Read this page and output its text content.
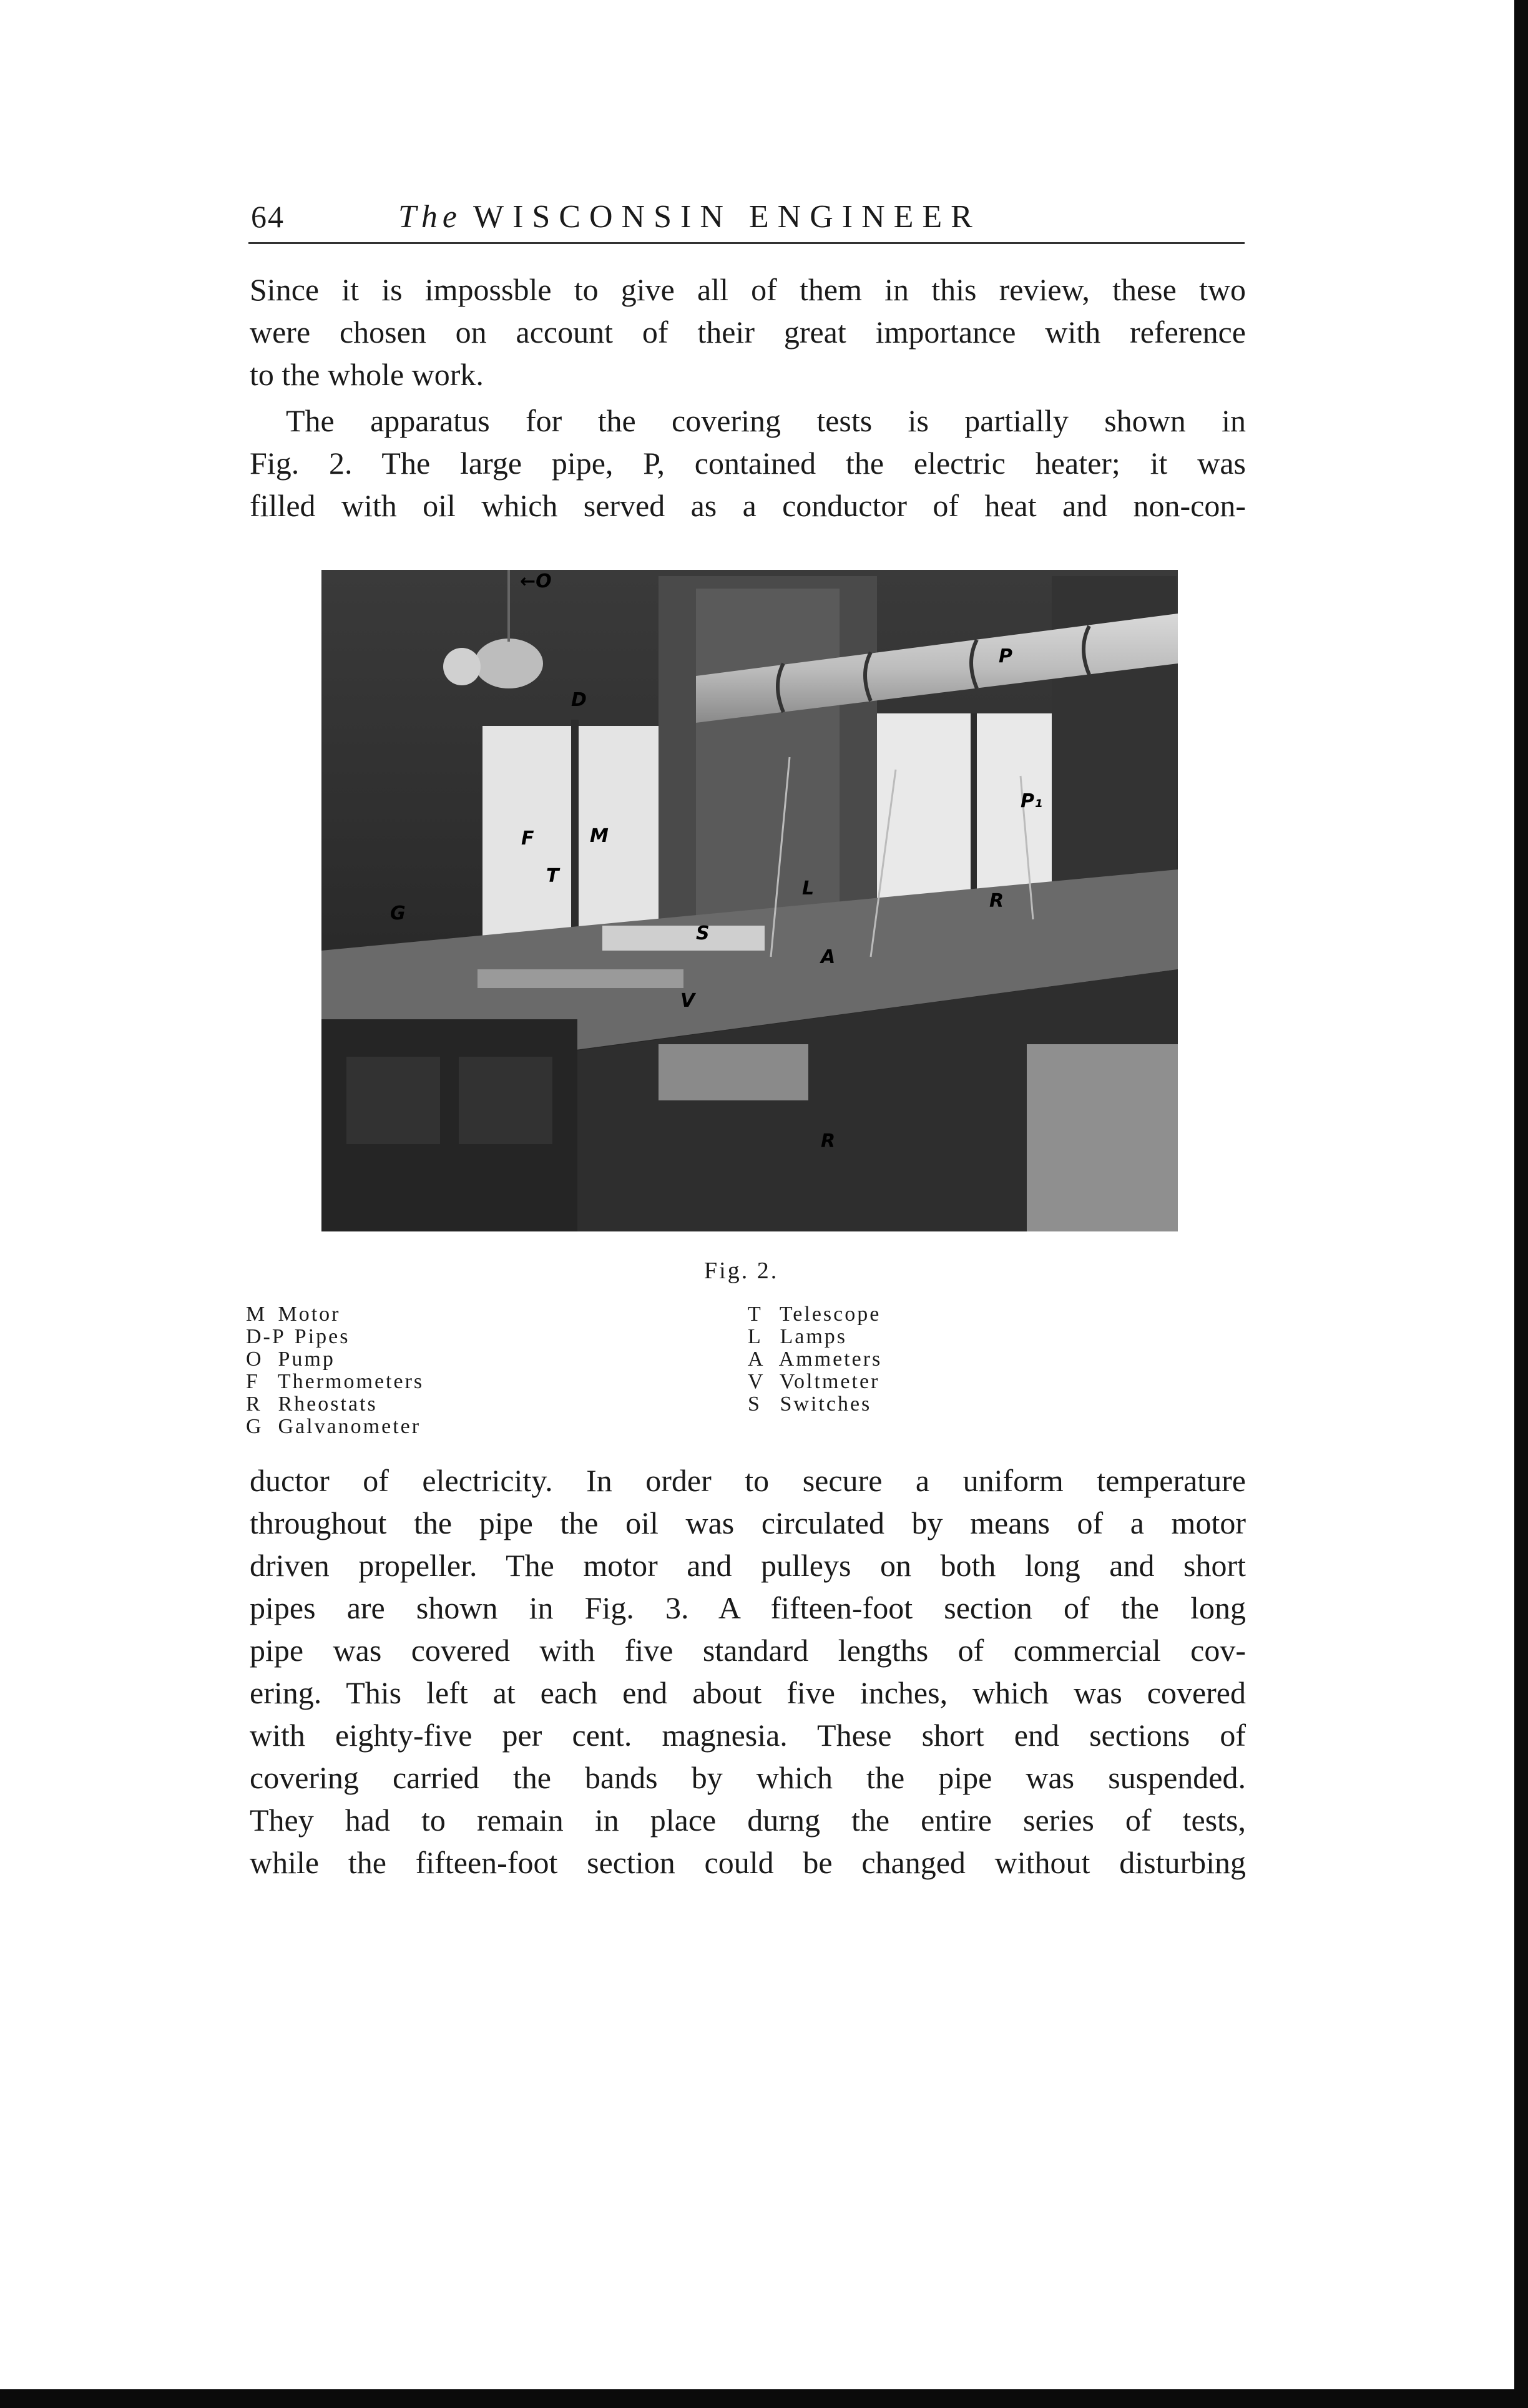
64	The WISCONSIN ENGINEER

Since it is impossble to give all of them in this review, these two
were chosen on account of their great importance with reference
to the whole work.

The apparatus for the covering tests is partially shown in
Fig. 2. The large pipe, P, contained the electric heater; it was
filled with oil which served as a conductor of heat and non-con-

←O
D
P
F	M
T
G
S
L
A
V
R
R
P₁
Fig. 2.
M Motor
D-P Pipes
O Pump
F Thermometers
R Rheostats
G Galvanometer
T Telescope
L Lamps
A Ammeters
V Voltmeter
S Switches

ductor of electricity. In order to secure a uniform temperature
throughout the pipe the oil was circulated by means of a motor
driven propeller. The motor and pulleys on both long and short
pipes are shown in Fig. 3. A fifteen-foot section of the long
pipe was covered with five standard lengths of commercial cov-
ering. This left at each end about five inches, which was covered
with eighty-five per cent. magnesia. These short end sections of
covering carried the bands by which the pipe was suspended.
They had to remain in place durng the entire series of tests,
while the fifteen-foot section could be changed without disturbing
